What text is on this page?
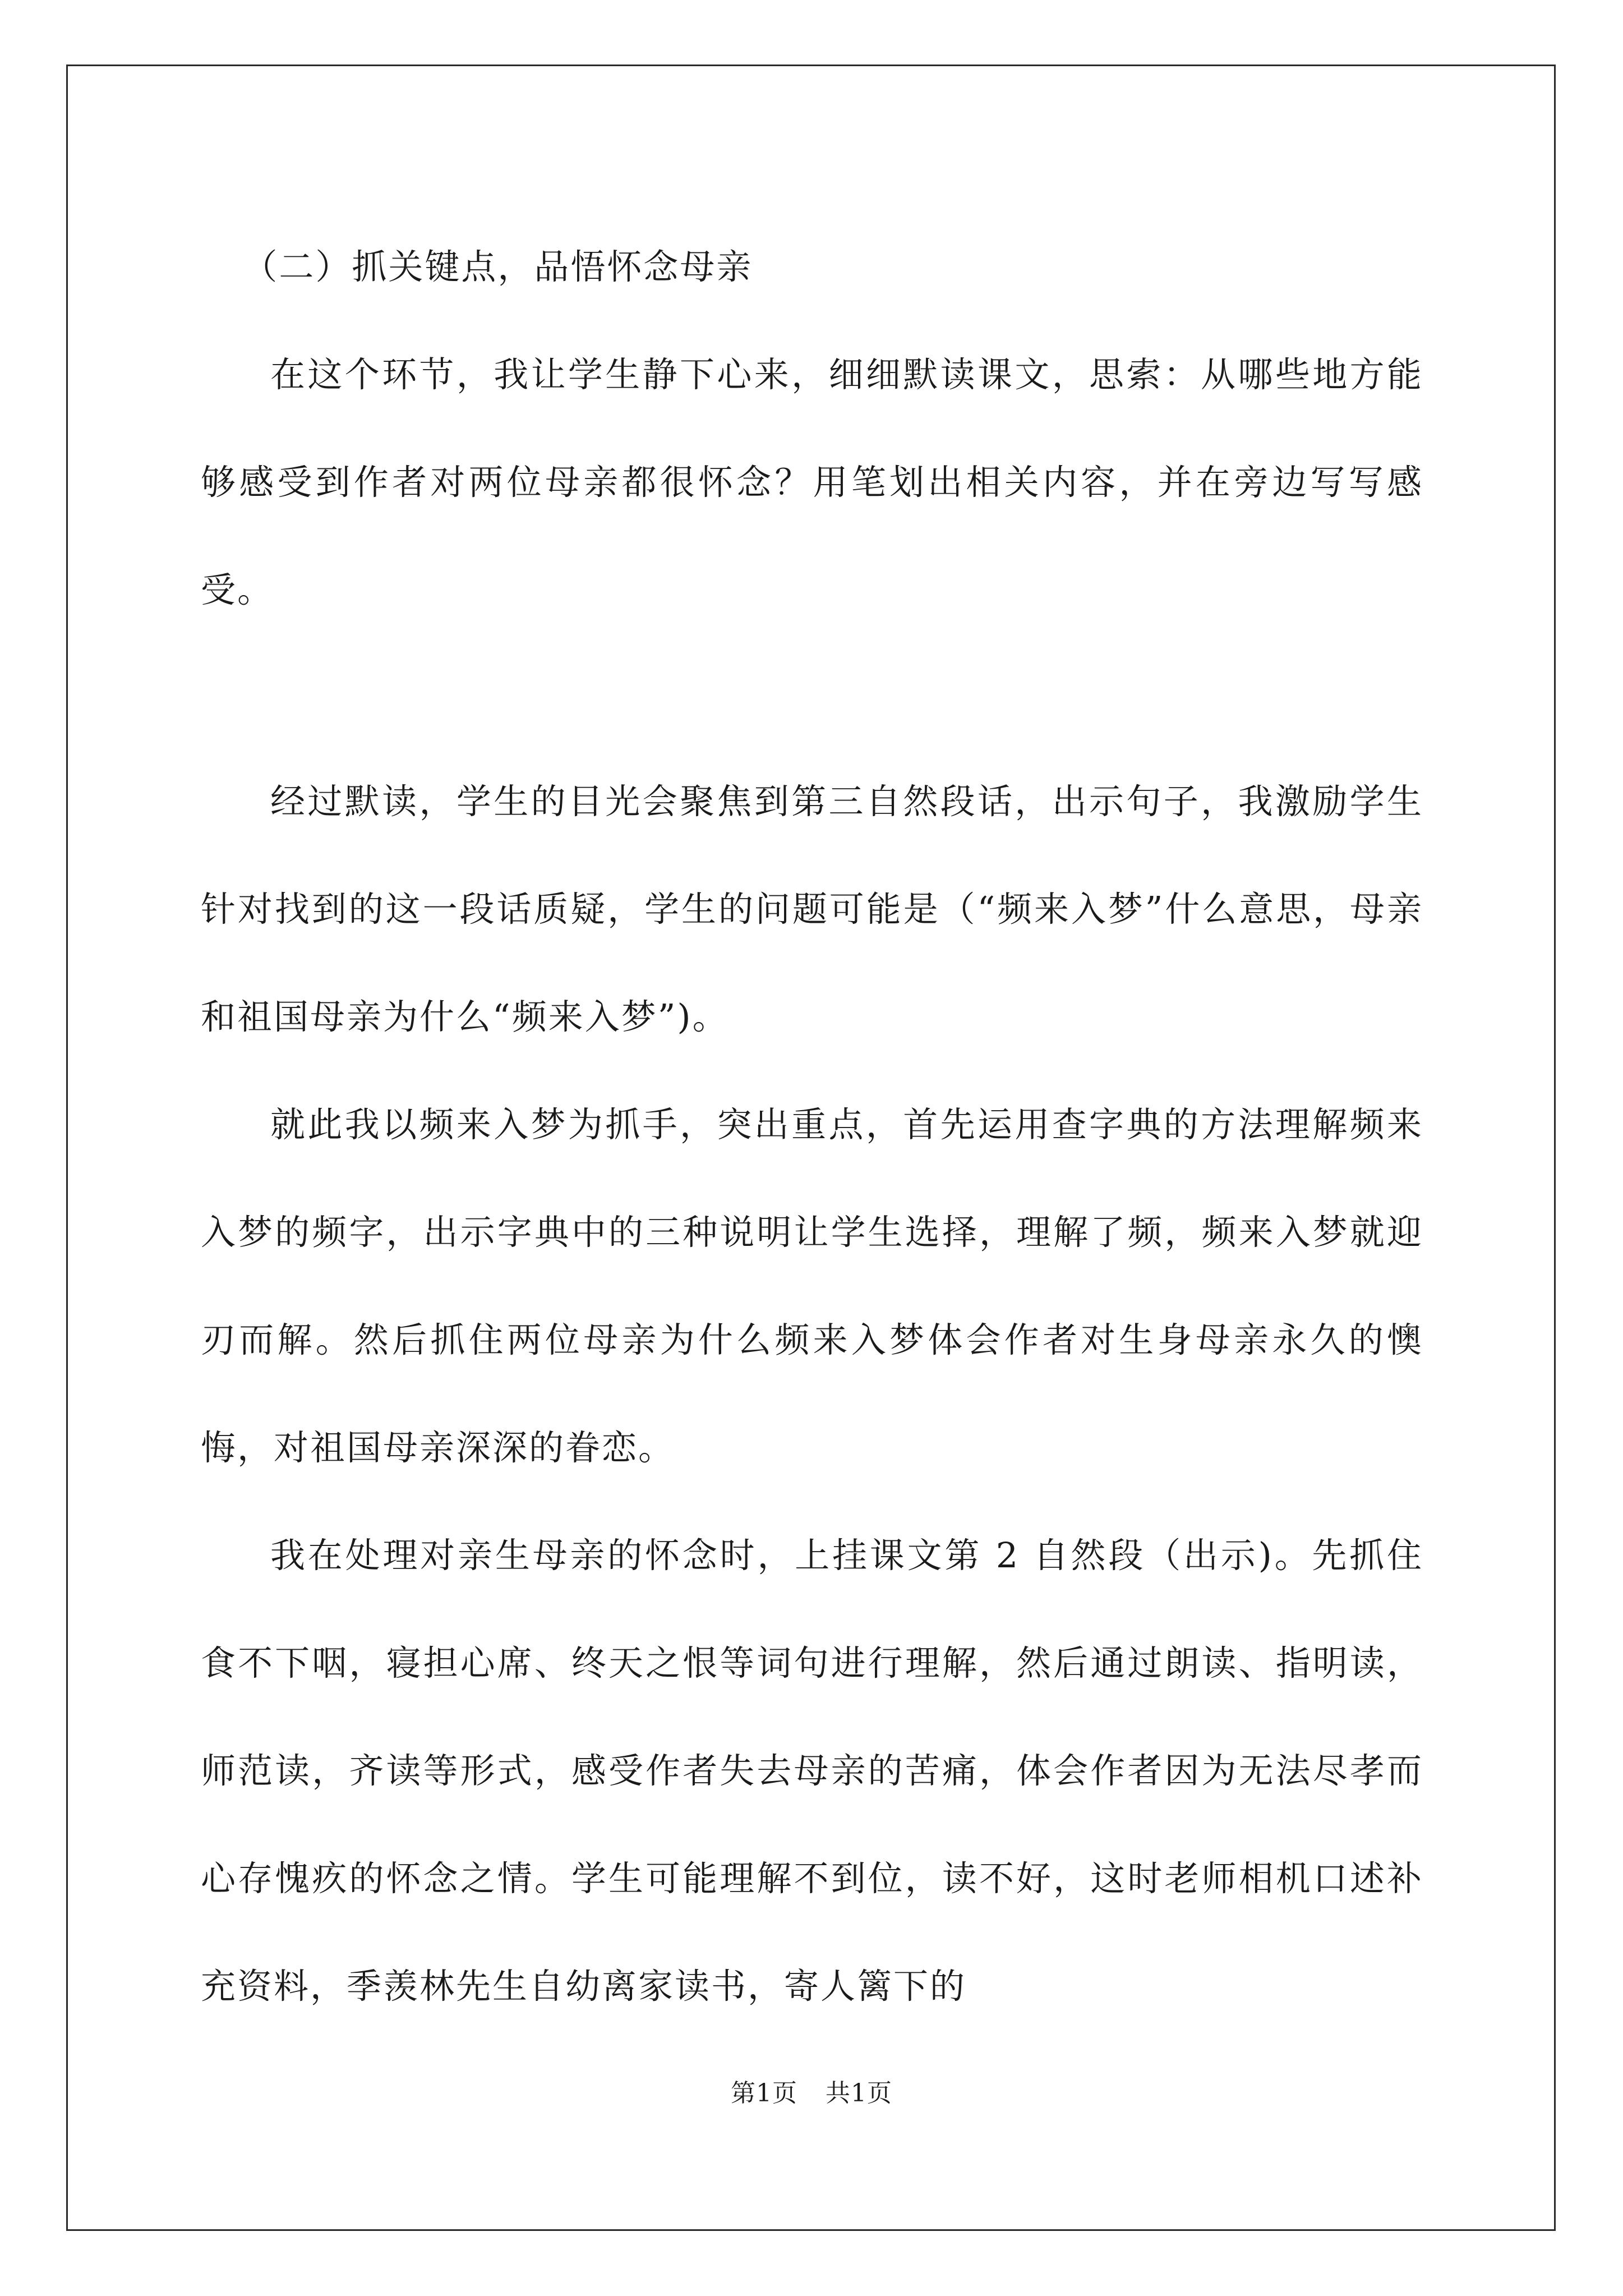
（二）抓关键点，品悟怀念母亲

在这个环节，我让学生静下心来，细细默读课文，思索：从哪些地方能够感受到作者对两位母亲都很怀念？用笔划出相关内容，并在旁边写写感受。

经过默读，学生的目光会聚焦到第三自然段话，出示句子，我激励学生针对找到的这一段话质疑，学生的问题可能是（“频来入梦”什么意思，母亲和祖国母亲为什么“频来入梦”)。

就此我以频来入梦为抓手，突出重点，首先运用查字典的方法理解频来入梦的频字，出示字典中的三种说明让学生选择，理解了频，频来入梦就迎刃而解。然后抓住两位母亲为什么频来入梦体会作者对生身母亲永久的懊悔，对祖国母亲深深的眷恋。

我在处理对亲生母亲的怀念时，上挂课文第 2 自然段（出示)。先抓住食不下咽，寝担心席、终天之恨等词句进行理解，然后通过朗读、指明读，师范读，齐读等形式，感受作者失去母亲的苦痛，体会作者因为无法尽孝而心存愧疚的怀念之情。学生可能理解不到位，读不好，这时老师相机口述补充资料，季羡林先生自幼离家读书，寄人篱下的

第1页 共1页
